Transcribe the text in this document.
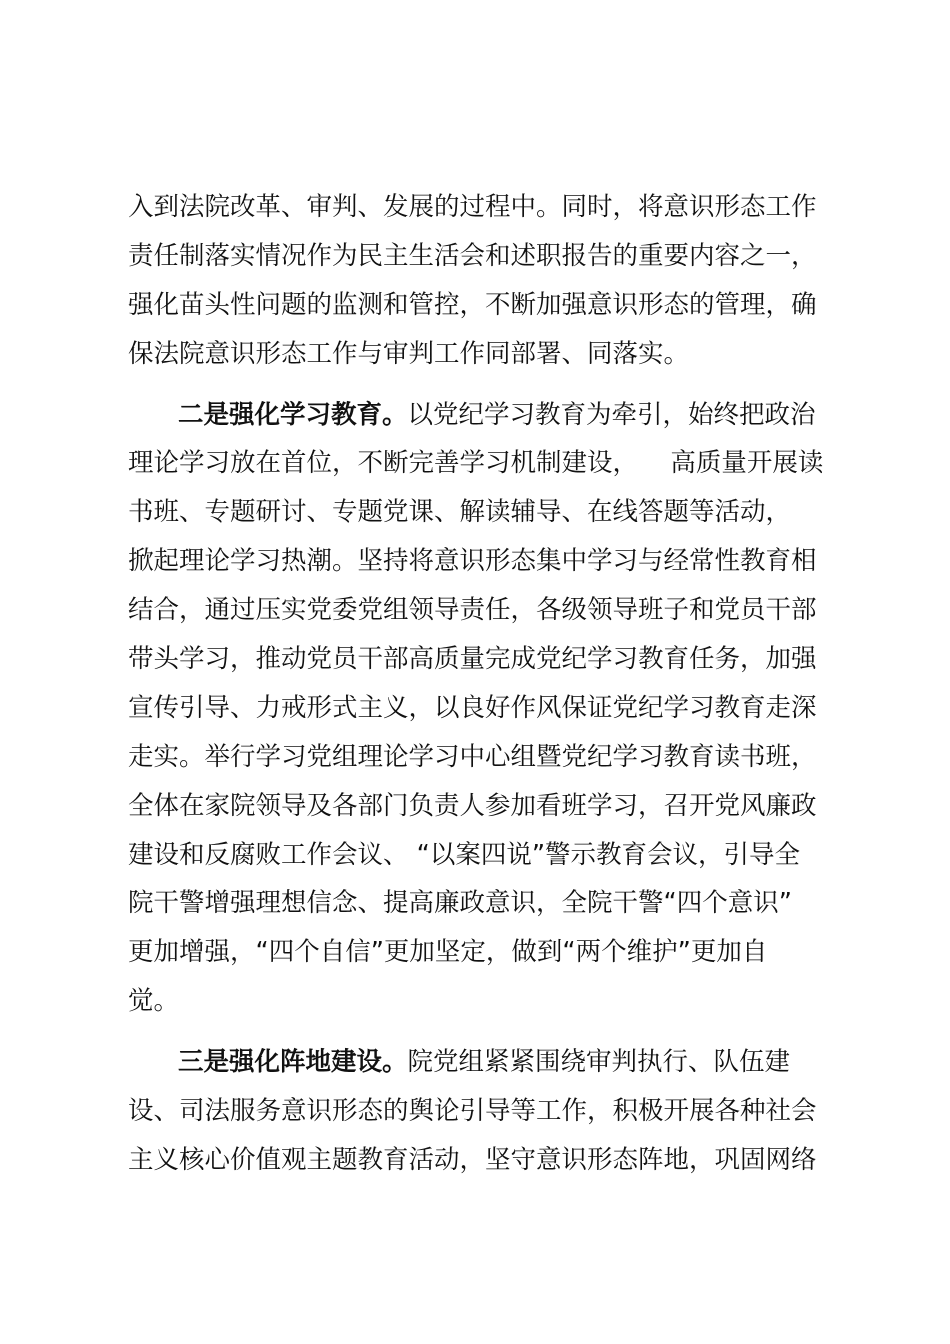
入到法院改革、审判、发展的过程中。同时，将意识形态工作
责任制落实情况作为民主生活会和述职报告的重要内容之一，
强化苗头性问题的监测和管控，不断加强意识形态的管理，确
保法院意识形态工作与审判工作同部署、同落实。
二是强化学习教育。以党纪学习教育为牵引，始终把政治
理论学习放在首位，不断完善学习机制建设，    高质量开展读
书班、专题研讨、专题党课、解读辅导、在线答题等活动，
掀起理论学习热潮。坚持将意识形态集中学习与经常性教育相
结合，通过压实党委党组领导责任，各级领导班子和党员干部
带头学习，推动党员干部高质量完成党纪学习教育任务，加强
宣传引导、力戒形式主义，以良好作风保证党纪学习教育走深
走实。举行学习党组理论学习中心组暨党纪学习教育读书班，
全体在家院领导及各部门负责人参加看班学习，召开党风廉政
建设和反腐败工作会议、 “以案四说”警示教育会议，引导全
院干警增强理想信念、提高廉政意识，全院干警“四个意识”
更加增强，“四个自信”更加坚定，做到“两个维护”更加自
觉。
三是强化阵地建设。院党组紧紧围绕审判执行、队伍建
设、司法服务意识形态的舆论引导等工作，积极开展各种社会
主义核心价值观主题教育活动，坚守意识形态阵地，巩固网络
